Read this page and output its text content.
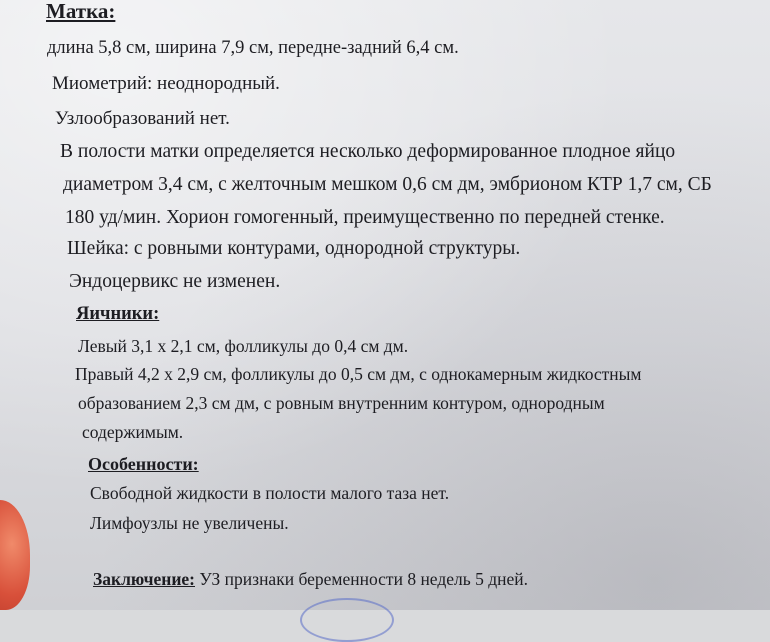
Матка:
длина 5,8 см, ширина 7,9 см, передне-задний 6,4 см.
Миометрий: неоднородный.
Узлообразований нет.
В полости матки определяется несколько деформированное плодное яйцо
диаметром 3,4 см, с желточным мешком 0,6 см дм, эмбрионом КТР 1,7 см, СБ
180 уд/мин. Хорион гомогенный, преимущественно по передней стенке.
Шейка: с ровными контурами, однородной структуры.
Эндоцервикс не изменен.
Яичники:
Левый 3,1 х 2,1 см, фолликулы до 0,4 см дм.
Правый 4,2 х 2,9 см, фолликулы до 0,5 см дм, с однокамерным жидкостным
образованием 2,3 см дм, с ровным внутренним контуром, однородным
содержимым.
Особенности:
Свободной жидкости в полости малого таза нет.
Лимфоузлы не увеличены.
Заключение: УЗ признаки беременности 8 недель 5 дней.
